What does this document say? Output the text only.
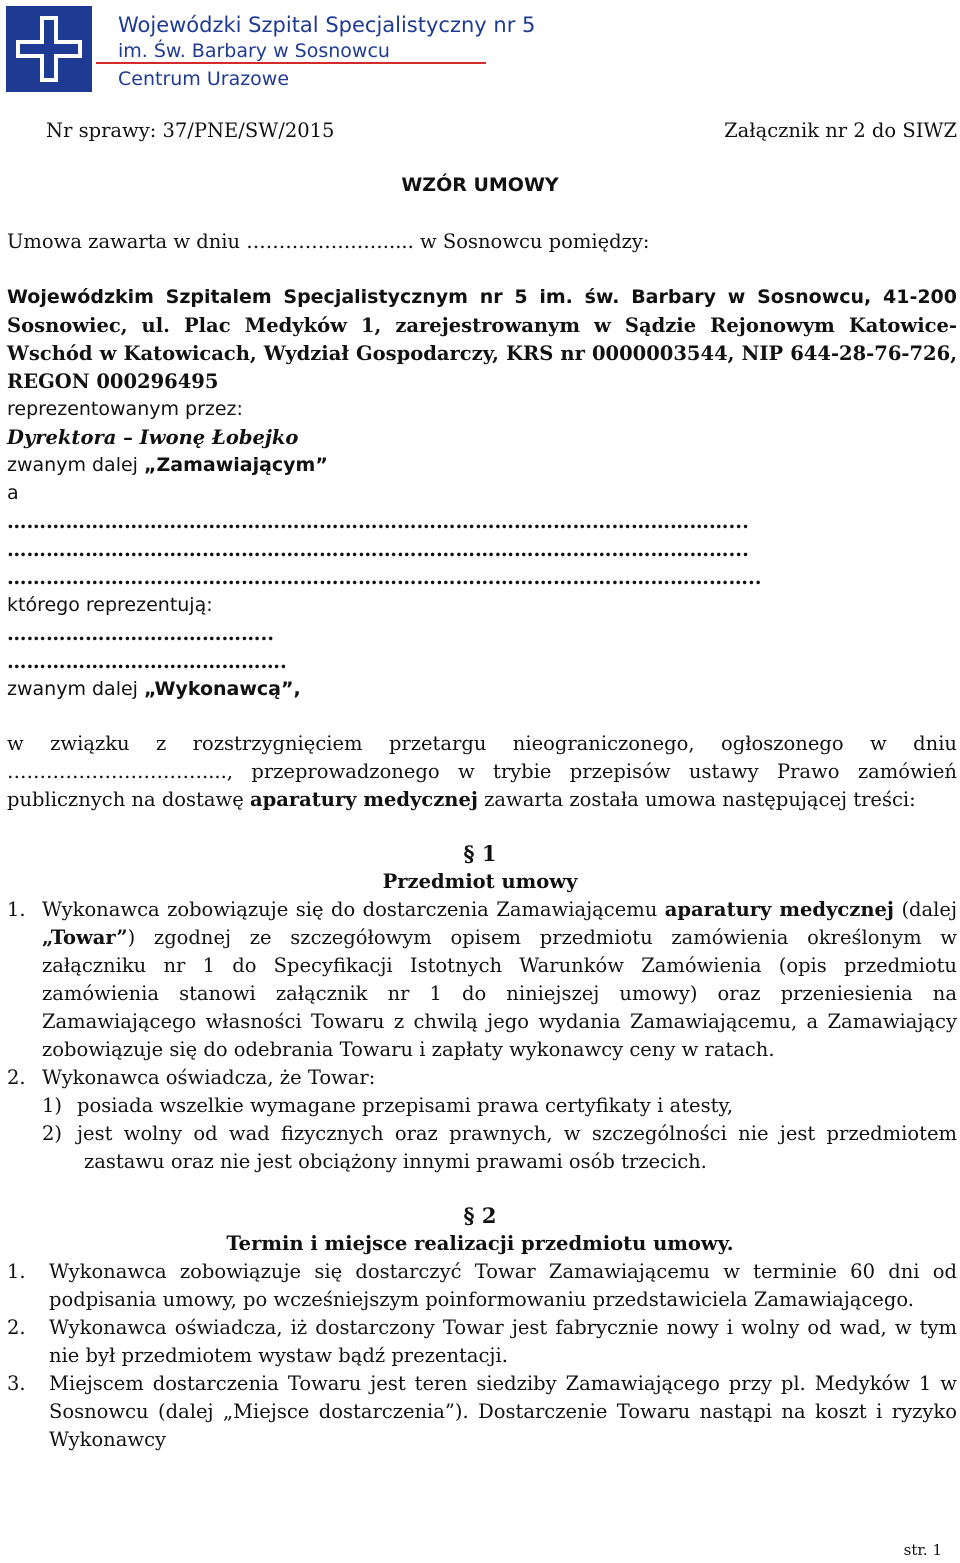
Wojewódzki Szpital Specjalistyczny nr 5
im. Św. Barbary w Sosnowcu
Centrum Urazowe
Nr sprawy: 37/PNE/SW/2015	Załącznik nr 2 do SIWZ
WZÓR UMOWY
Umowa zawarta w dniu …………………..... w Sosnowcu pomiędzy:
Wojewódzkim Szpitalem Specjalistycznym nr 5 im. św. Barbary w Sosnowcu, 41-200
Sosnowiec, ul. Plac Medyków 1, zarejestrowanym w Sądzie Rejonowym Katowice-
Wschód w Katowicach, Wydział Gospodarczy, KRS nr 0000003544, NIP 644-28-76-726,
REGON 000296495
reprezentowanym przez:
Dyrektora – Iwonę Łobejko
zwanym dalej „Zamawiającym”
a
…………………………………………………………………………………………………...
…………………………………………………………………………………………………...
……………………………………………………………………………………………………..
którego reprezentują:
…………………………………..
…………………………………….
zwanym dalej „Wykonawcą”,
w związku z rozstrzygnięciem przetargu nieograniczonego, ogłoszonego w dniu
…………………………...., przeprowadzonego w trybie przepisów ustawy Prawo zamówień
publicznych na dostawę aparatury medycznej zawarta została umowa następującej treści:
§ 1
Przedmiot umowy
1. Wykonawca zobowiązuje się do dostarczenia Zamawiającemu aparatury medycznej (dalej
„Towar”) zgodnej ze szczegółowym opisem przedmiotu zamówienia określonym w
załączniku nr 1 do Specyfikacji Istotnych Warunków Zamówienia (opis przedmiotu
zamówienia stanowi załącznik nr 1 do niniejszej umowy) oraz przeniesienia na
Zamawiającego własności Towaru z chwilą jego wydania Zamawiającemu, a Zamawiający
zobowiązuje się do odebrania Towaru i zapłaty wykonawcy ceny w ratach.
2. Wykonawca oświadcza, że Towar:
1) posiada wszelkie wymagane przepisami prawa certyfikaty i atesty,
2) jest wolny od wad fizycznych oraz prawnych, w szczególności nie jest przedmiotem
zastawu oraz nie jest obciążony innymi prawami osób trzecich.
§ 2
Termin i miejsce realizacji przedmiotu umowy.
1. Wykonawca zobowiązuje się dostarczyć Towar Zamawiającemu w terminie 60 dni od
podpisania umowy, po wcześniejszym poinformowaniu przedstawiciela Zamawiającego.
2. Wykonawca oświadcza, iż dostarczony Towar jest fabrycznie nowy i wolny od wad, w tym
nie był przedmiotem wystaw bądź prezentacji.
3. Miejscem dostarczenia Towaru jest teren siedziby Zamawiającego przy pl. Medyków 1 w
Sosnowcu (dalej „Miejsce dostarczenia”). Dostarczenie Towaru nastąpi na koszt i ryzyko
Wykonawcy
str. 1
